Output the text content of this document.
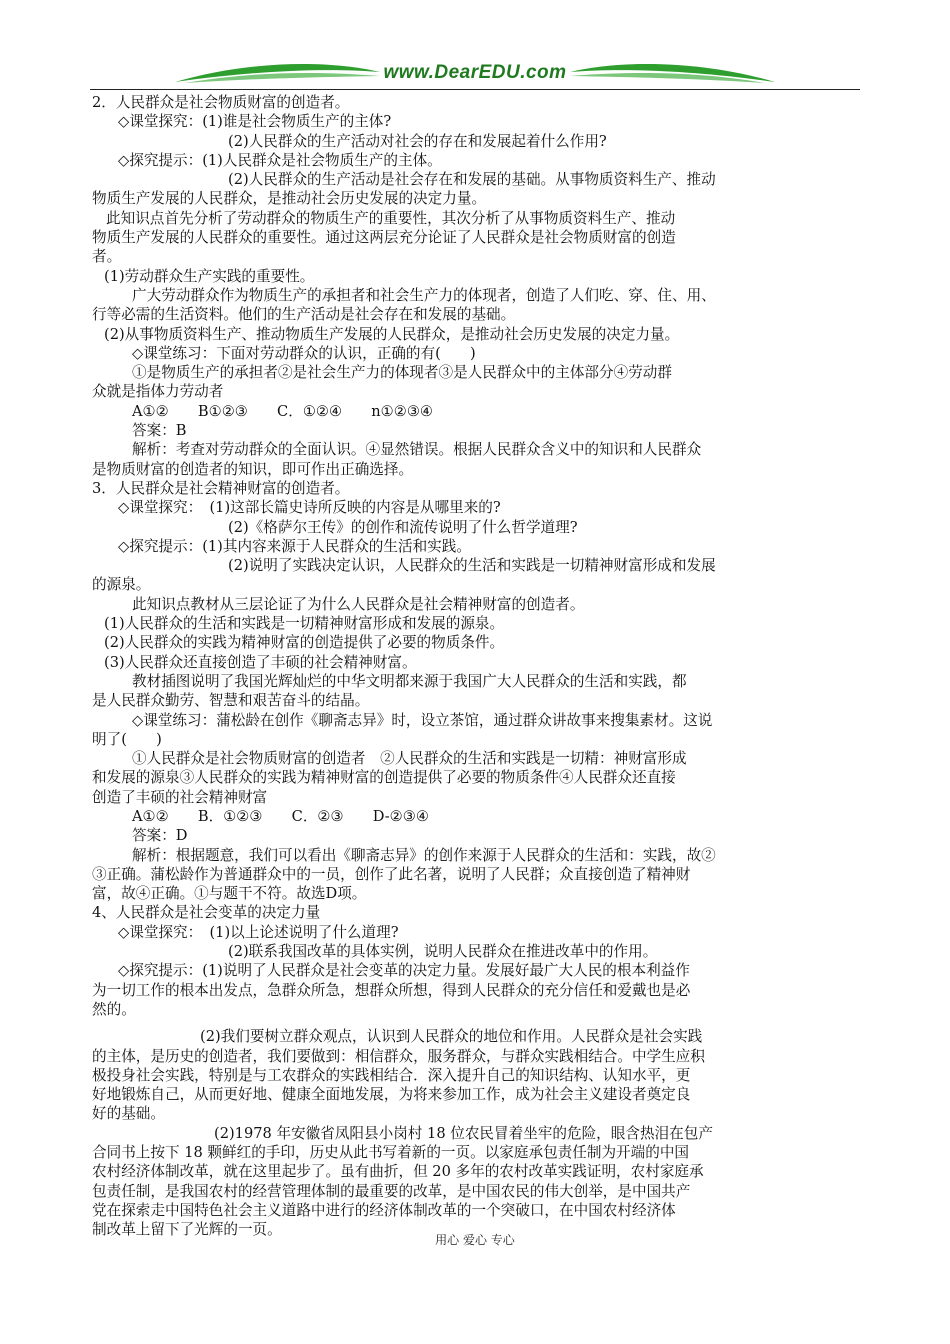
www.DearEDU.com
2．人民群众是社会物质财富的创造者。
◇课堂探究：(1)谁是社会物质生产的主体?
(2)人民群众的生产活动对社会的存在和发展起着什么作用?
◇探究提示：(1)人民群众是社会物质生产的主体。
(2)人民群众的生产活动是社会存在和发展的基础。从事物质资料生产、推动
物质生产发展的人民群众，是推动社会历史发展的决定力量。
此知识点首先分析了劳动群众的物质生产的重要性，其次分析了从事物质资料生产、推动
物质生产发展的人民群众的重要性。通过这两层充分论证了人民群众是社会物质财富的创造
者。
(1)劳动群众生产实践的重要性。
广大劳动群众作为物质生产的承担者和社会生产力的体现者，创造了人们吃、穿、住、用、
行等必需的生活资料。他们的生产活动是社会存在和发展的基础。
(2)从事物质资料生产、推动物质生产发展的人民群众，是推动社会历史发展的决定力量。
◇课堂练习：下面对劳动群众的认识，正确的有(　　)
①是物质生产的承担者②是社会生产力的体现者③是人民群众中的主体部分④劳动群
众就是指体力劳动者
A①②　　B①②③　　C．①②④　　n①②③④
答案：B
解析：考查对劳动群众的全面认识。④显然错误。根据人民群众含义中的知识和人民群众
是物质财富的创造者的知识，即可作出正确选择。
3．人民群众是社会精神财富的创造者。
◇课堂探究：　(1)这部长篇史诗所反映的内容是从哪里来的?
(2)《格萨尔王传》的创作和流传说明了什么哲学道理?
◇探究提示：(1)其内容来源于人民群众的生活和实践。
(2)说明了实践决定认识，人民群众的生活和实践是一切精神财富形成和发展
的源泉。
此知识点教材从三层论证了为什么人民群众是社会精神财富的创造者。
(1)人民群众的生活和实践是一切精神财富形成和发展的源泉。
(2)人民群众的实践为精神财富的创造提供了必要的物质条件。
(3)人民群众还直接创造了丰硕的社会精神财富。
教材插图说明了我国光辉灿烂的中华文明都来源于我国广大人民群众的生活和实践，都
是人民群众勤劳、智慧和艰苦奋斗的结晶。
◇课堂练习：蒲松龄在创作《聊斋志异》时，设立茶馆，通过群众讲故事来搜集素材。这说
明了(　　)
①人民群众是社会物质财富的创造者　②人民群众的生活和实践是一切精：神财富形成
和发展的源泉③人民群众的实践为精神财富的创造提供了必要的物质条件④人民群众还直接
创造了丰硕的社会精神财富
A①②　　B．①②③　　C．②③　　D-②③④
答案：D
解析：根据题意，我们可以看出《聊斋志异》的创作来源于人民群众的生活和：实践，故②
③正确。蒲松龄作为普通群众中的一员，创作了此名著，说明了人民群；众直接创造了精神财
富，故④正确。①与题干不符。故选D项。
4、人民群众是社会变革的决定力量
◇课堂探究：　(1)以上论述说明了什么道理?
(2)联系我国改革的具体实例，说明人民群众在推进改革中的作用。
◇探究提示：(1)说明了人民群众是社会变革的决定力量。发展好最广大人民的根本利益作
为一切工作的根本出发点，急群众所急，想群众所想，得到人民群众的充分信任和爱戴也是必
然的。
(2)我们要树立群众观点，认识到人民群众的地位和作用。人民群众是社会实践
的主体，是历史的创造者，我们要做到：相信群众，服务群众，与群众实践相结合。中学生应积
极投身社会实践，特别是与工农群众的实践相结合．深入提升自己的知识结构、认知水平，更
好地锻炼自己，从而更好地、健康全面地发展，为将来参加工作，成为社会主义建设者奠定良
好的基础。
(2)1978 年安徽省凤阳县小岗村 18 位农民冒着坐牢的危险，眼含热泪在包产
合同书上按下 18 颗鲜红的手印，历史从此书写着新的一页。以家庭承包责任制为开端的中国
农村经济体制改革，就在这里起步了。虽有曲折，但 20 多年的农村改革实践证明，农村家庭承
包责任制，是我国农村的经营管理体制的最重要的改革，是中国农民的伟大创举，是中国共产
党在探索走中国特色社会主义道路中进行的经济体制改革的一个突破口，在中国农村经济体
制改革上留下了光辉的一页。
用心 爱心 专心
